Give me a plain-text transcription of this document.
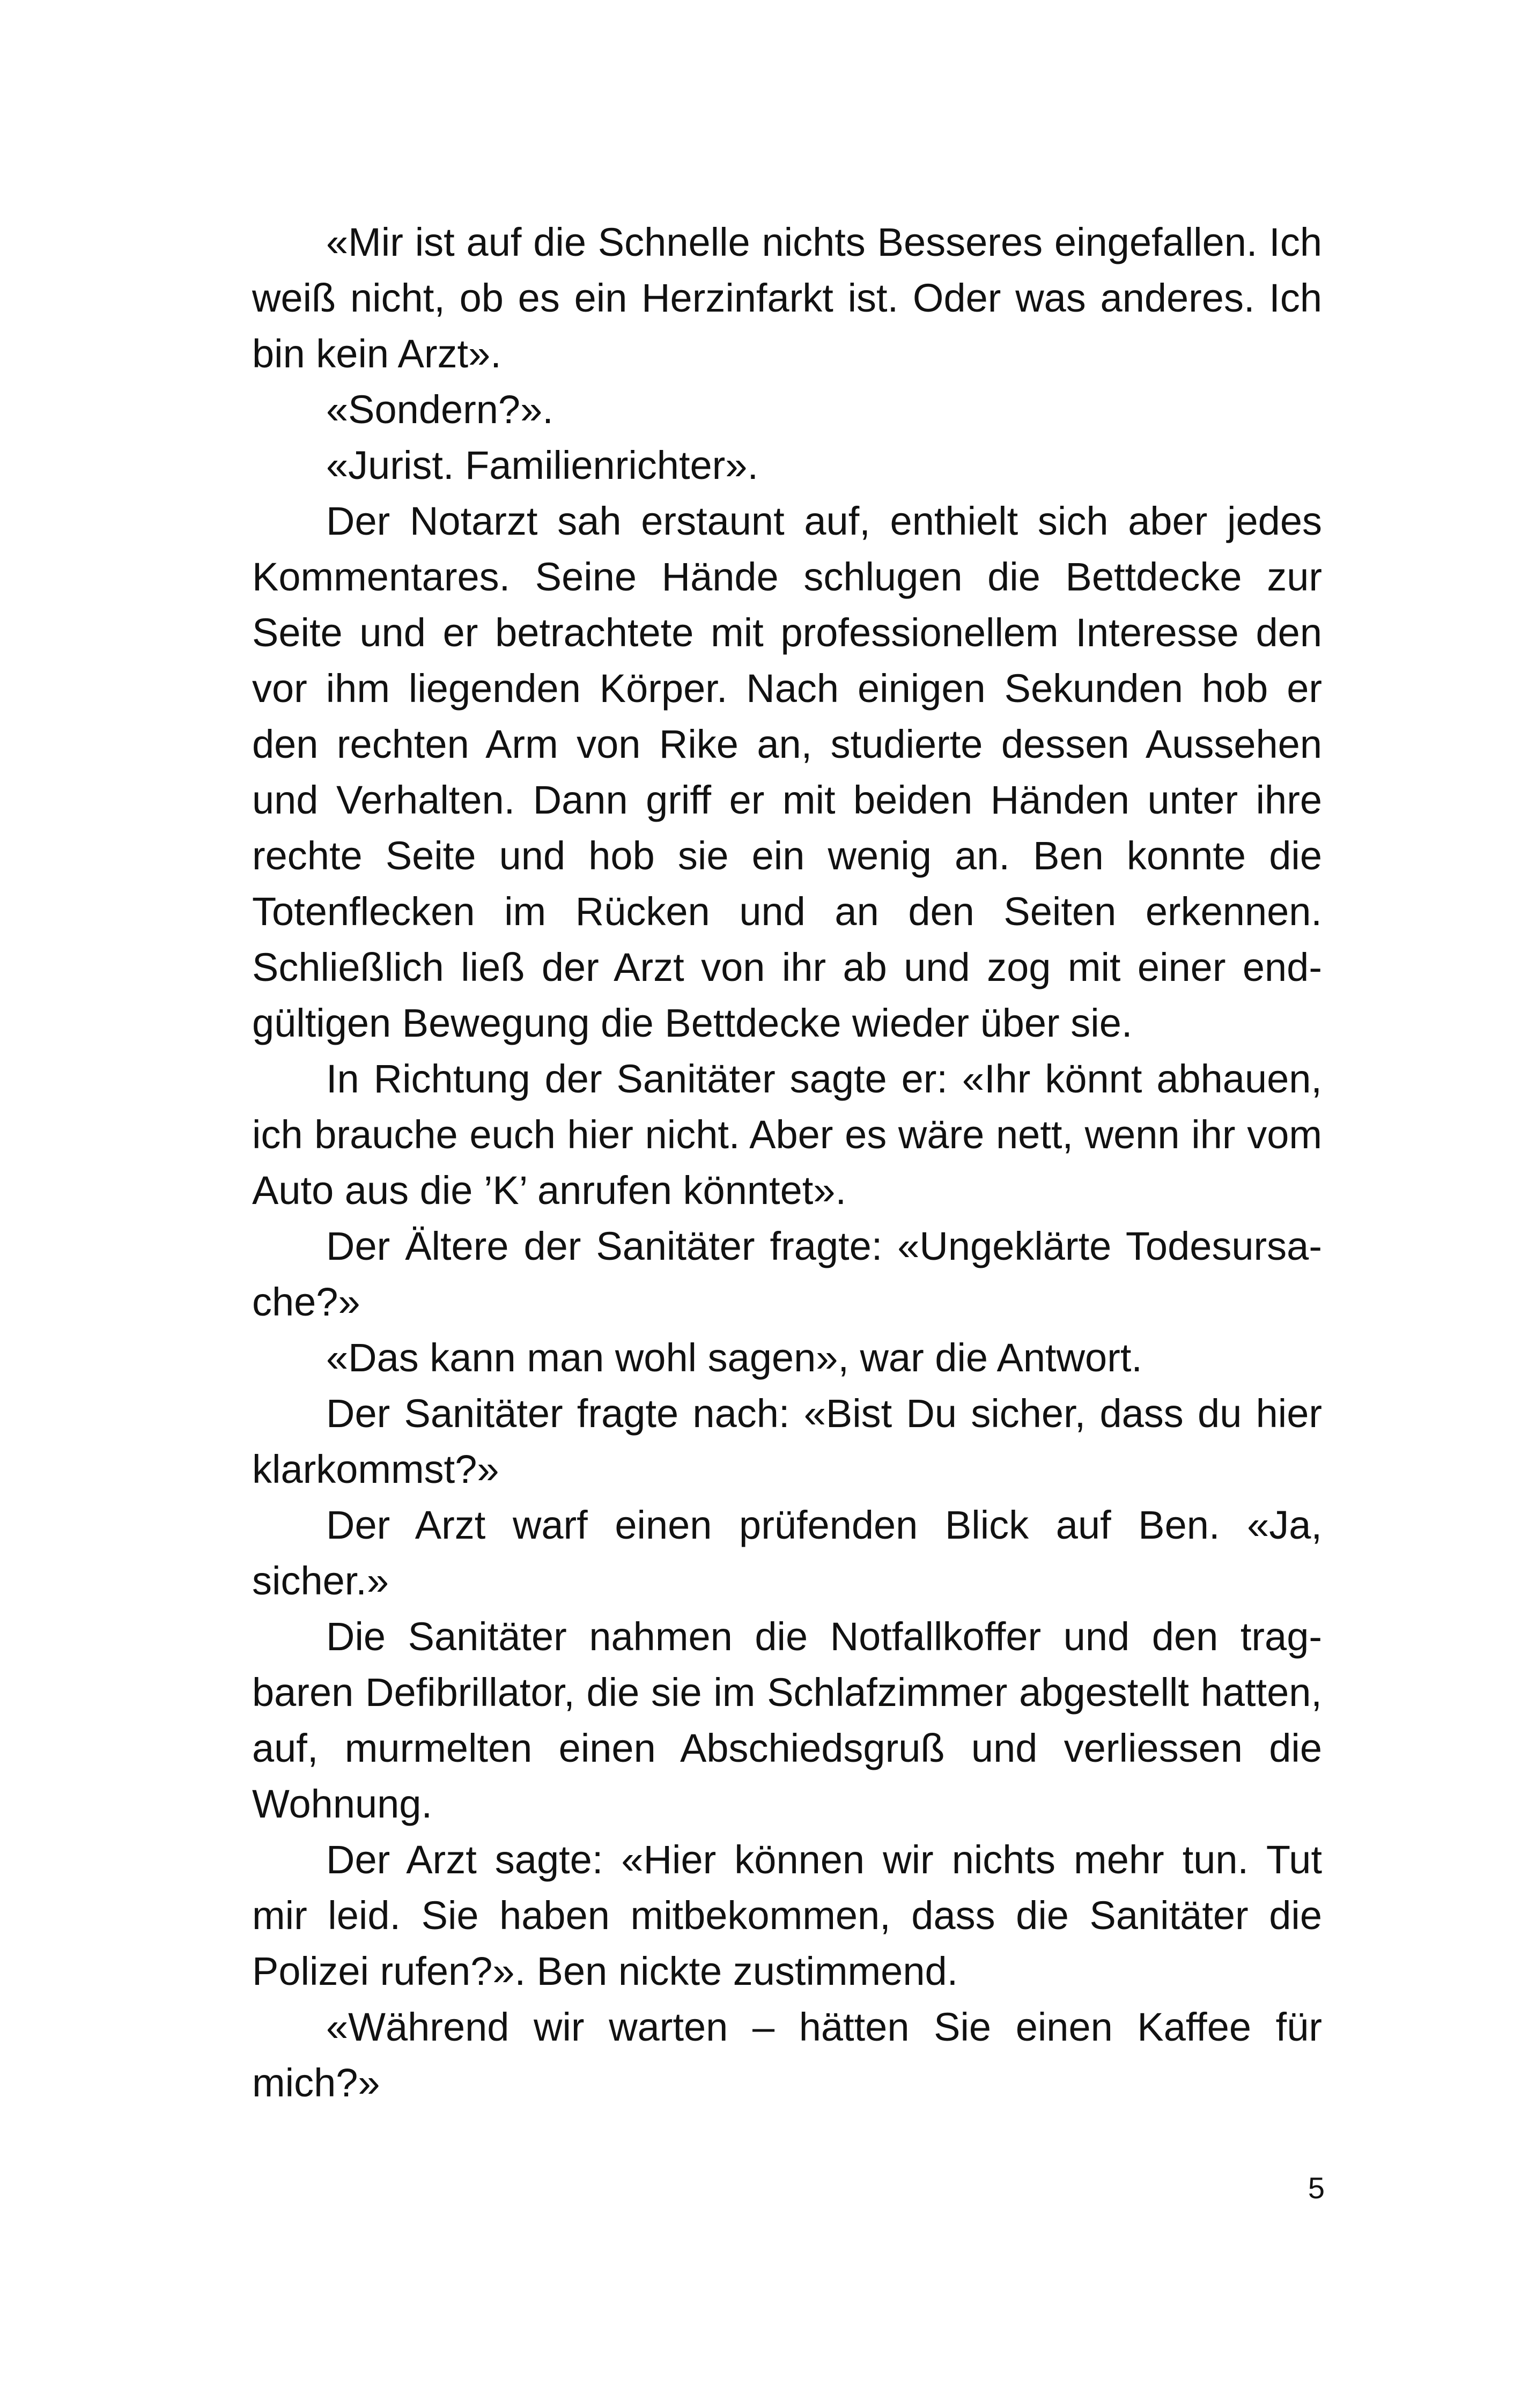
«Mir ist auf die Schnelle nichts Besseres eingefallen. Ich weiß nicht, ob es ein Herzinfarkt ist. Oder was anderes. Ich bin kein Arzt».

«Sondern?».

«Jurist. Familienrichter».

Der Notarzt sah erstaunt auf, enthielt sich aber jedes Kommentares. Seine Hände schlugen die Bettdecke zur Seite und er betrachtete mit professionellem Interesse den vor ihm liegenden Körper. Nach einigen Sekunden hob er den rechten Arm von Rike an, studierte dessen Aussehen und Verhalten. Dann griff er mit beiden Händen unter ihre rechte Seite und hob sie ein wenig an. Ben konnte die Totenflecken im Rücken und an den Seiten erkennen. Schließlich ließ der Arzt von ihr ab und zog mit einer endgültigen Bewegung die Bettdecke wieder über sie.

In Richtung der Sanitäter sagte er: «Ihr könnt abhauen, ich brauche euch hier nicht. Aber es wäre nett, wenn ihr vom Auto aus die ’K’ anrufen könntet».

Der Ältere der Sanitäter fragte: «Ungeklärte Todesursache?»

«Das kann man wohl sagen», war die Antwort.

Der Sanitäter fragte nach: «Bist Du sicher, dass du hier klarkommst?»

Der Arzt warf einen prüfenden Blick auf Ben. «Ja, sicher.»

Die Sanitäter nahmen die Notfallkoffer und den tragbaren Defibrillator, die sie im Schlafzimmer abgestellt hatten, auf, murmelten einen Abschiedsgruß und verliessen die Wohnung.

Der Arzt sagte: «Hier können wir nichts mehr tun. Tut mir leid. Sie haben mitbekommen, dass die Sanitäter die Polizei rufen?». Ben nickte zustimmend.

«Während wir warten – hätten Sie einen Kaffee für mich?»

5
